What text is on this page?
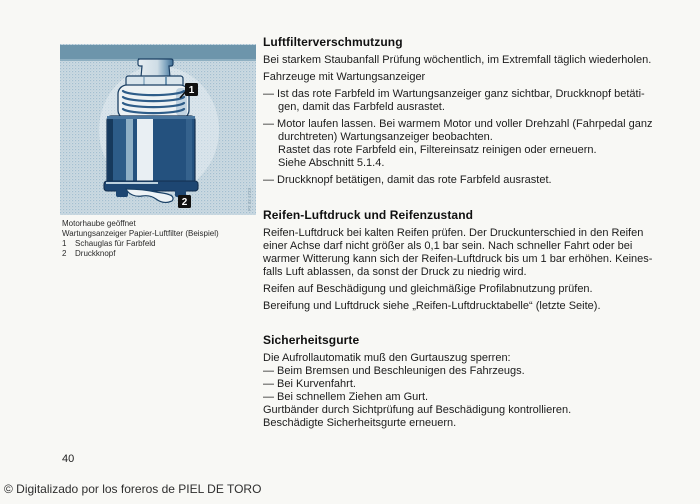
1
2	P2 32 1723
Motorhaube geöffnet
Wartungsanzeiger Papier-Luftfilter (Beispiel)
1	Schauglas für Farbfeld
2	Druckknopf
Luftfilterverschmutzung
Bei starkem Staubanfall Prüfung wöchentlich, im Extremfall täglich wiederholen.
Fahrzeuge mit Wartungsanzeiger
— Ist das rote Farbfeld im Wartungsanzeiger ganz sichtbar, Druckknopf betäti-
gen, damit das Farbfeld ausrastet.
— Motor laufen lassen. Bei warmem Motor und voller Drehzahl (Fahrpedal ganz
durchtreten) Wartungsanzeiger beobachten.
Rastet das rote Farbfeld ein, Filtereinsatz reinigen oder erneuern.
Siehe Abschnitt 5.1.4.
— Druckknopf betätigen, damit das rote Farbfeld ausrastet.
Reifen-Luftdruck und Reifenzustand
Reifen-Luftdruck bei kalten Reifen prüfen. Der Druckunterschied in den Reifen
einer Achse darf nicht größer als 0,1 bar sein. Nach schneller Fahrt oder bei
warmer Witterung kann sich der Reifen-Luftdruck bis um 1 bar erhöhen. Keines-
falls Luft ablassen, da sonst der Druck zu niedrig wird.
Reifen auf Beschädigung und gleichmäßige Profilabnutzung prüfen.
Bereifung und Luftdruck siehe „Reifen-Luftdrucktabelle“ (letzte Seite).
Sicherheitsgurte
Die Aufrollautomatik muß den Gurtauszug sperren:
— Beim Bremsen und Beschleunigen des Fahrzeugs.
— Bei Kurvenfahrt.
— Bei schnellem Ziehen am Gurt.
Gurtbänder durch Sichtprüfung auf Beschädigung kontrollieren.
Beschädigte Sicherheitsgurte erneuern.
40
© Digitalizado por los foreros de PIEL DE TORO
